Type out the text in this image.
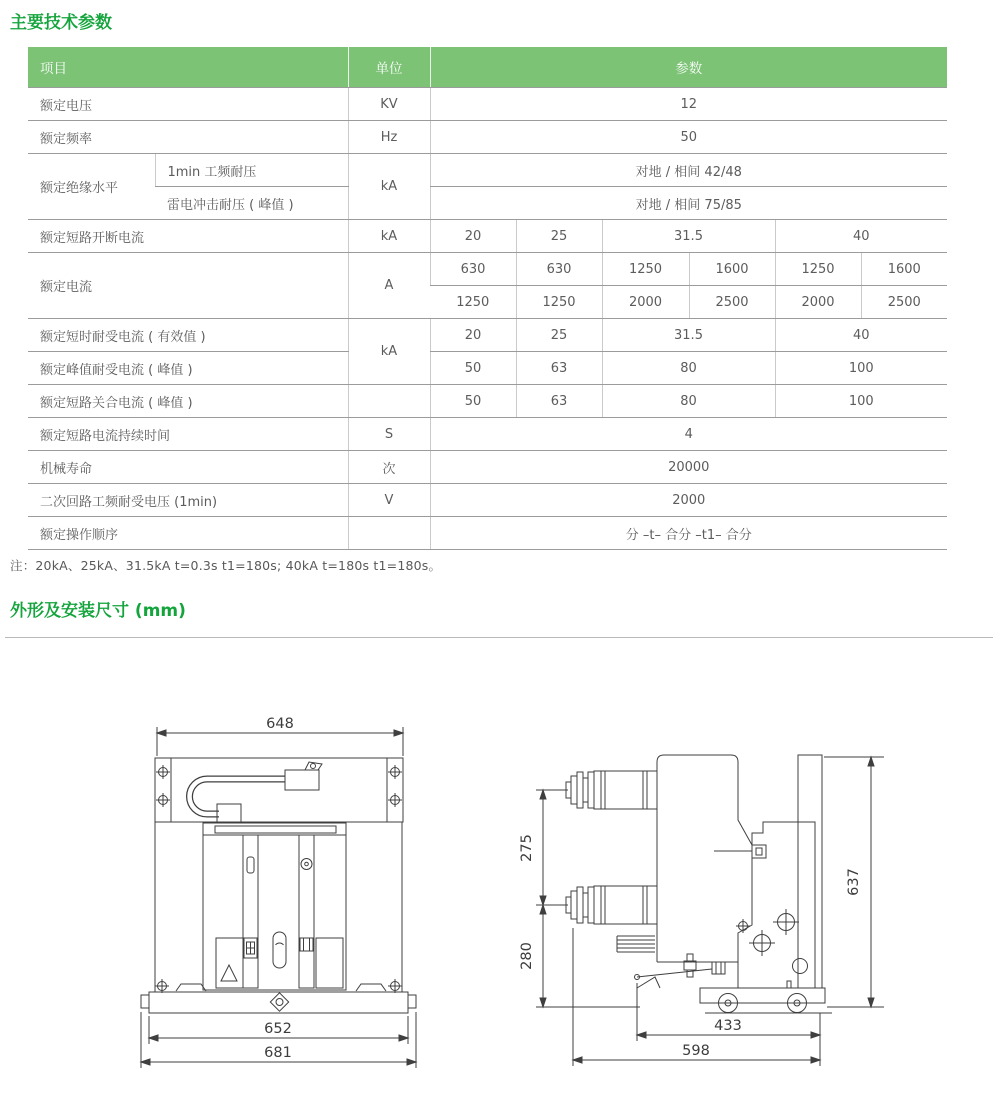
主要技术参数
项目		单位	参数					
额定电压		KV	12					
额定频率		Hz	50					
额定绝缘水平	1min 工频耐压	kA	对地 / 相间 42/48					
	雷电冲击耐压 ( 峰值 )		对地 / 相间 75/85					
额定短路开断电流		kA	20	25	31.5		40	
额定电流		A	630	630	1250	1600	1250	1600
			1250	1250	2000	2500	2000	2500
额定短时耐受电流 ( 有效值 )		kA	20	25	31.5		40	
额定峰值耐受电流 ( 峰值 )			50	63	80		100	
额定短路关合电流 ( 峰值 )			50	63	80		100	
额定短路电流持续时间		S	4					
机械寿命		次	20000					
二次回路工频耐受电压 (1min)		V	2000					
额定操作顺序			分 –t– 合分 –t1– 合分					
注：20kA、25kA、31.5kA t=0.3s t1=180s; 40kA t=180s t1=180s。
外形及安装尺寸 (mm)
648
652
681
275
280
637
433
598
